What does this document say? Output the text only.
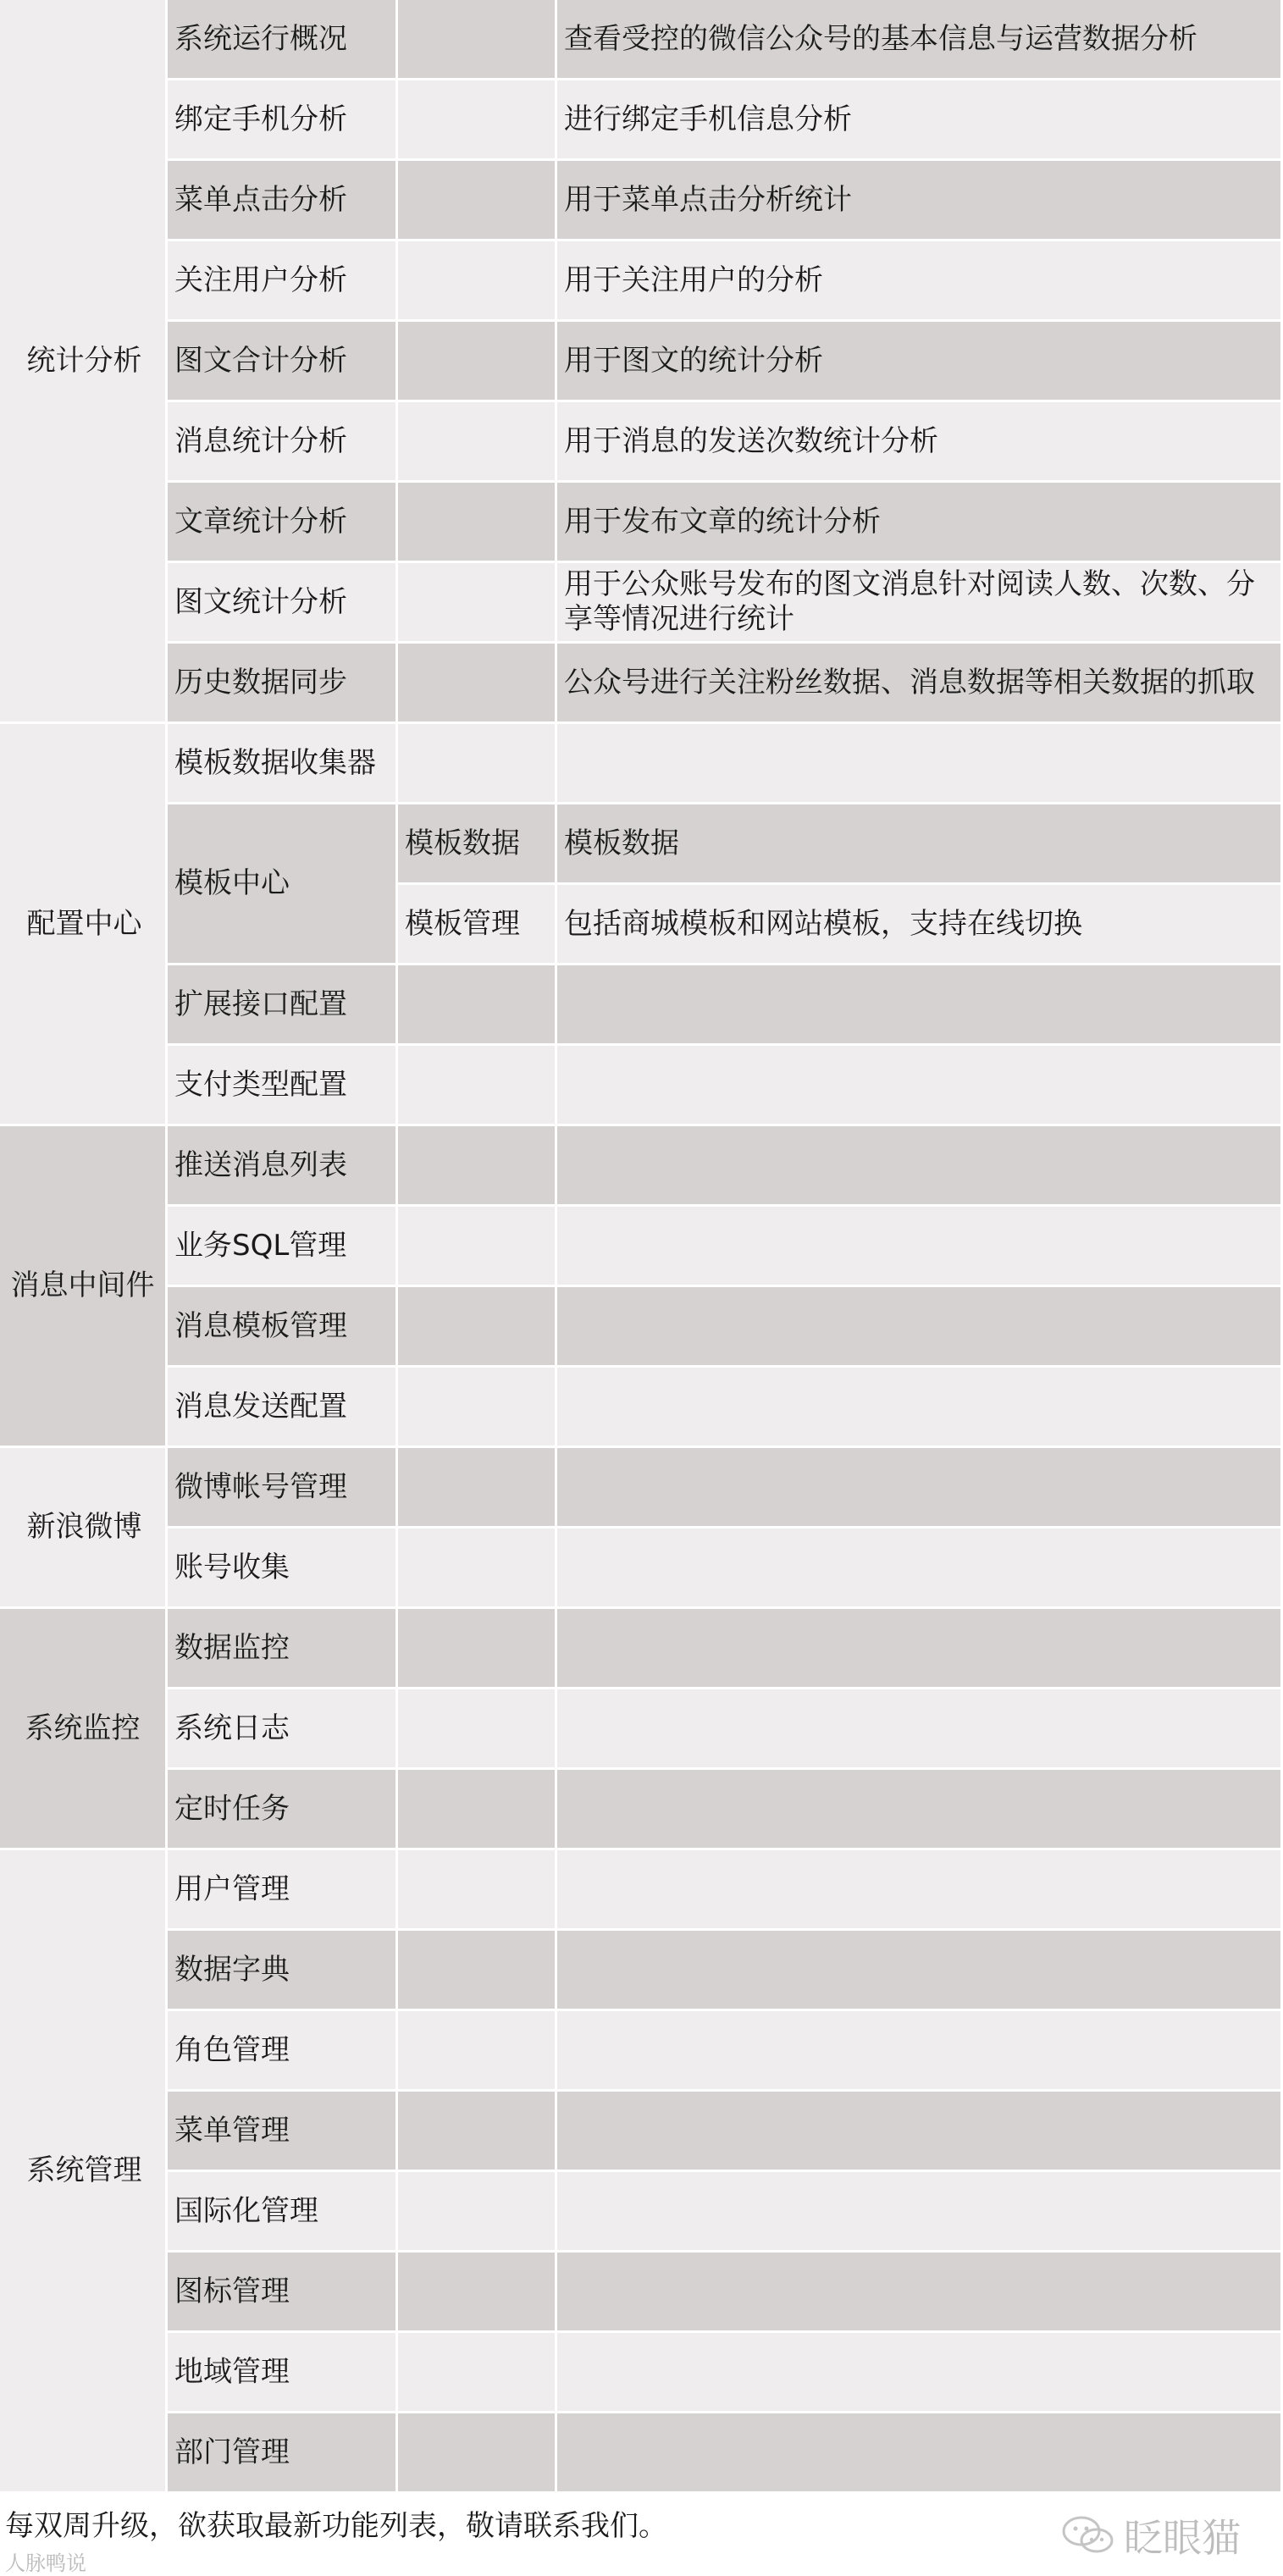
统计分析	系统运行概况		查看受控的微信公众号的基本信息与运营数据分析
	绑定手机分析		进行绑定手机信息分析
	菜单点击分析		用于菜单点击分析统计
	关注用户分析		用于关注用户的分析
	图文合计分析		用于图文的统计分析
	消息统计分析		用于消息的发送次数统计分析
	文章统计分析		用于发布文章的统计分析
	图文统计分析		用于公众账号发布的图文消息针对阅读人数、次数、分享等情况进行统计
	历史数据同步		公众号进行关注粉丝数据、消息数据等相关数据的抓取
配置中心	模板数据收集器		
	模板中心	模板数据	模板数据
		模板管理	包括商城模板和网站模板，支持在线切换
	扩展接口配置		
	支付类型配置		
消息中间件	推送消息列表		
	业务SQL管理		
	消息模板管理		
	消息发送配置		
新浪微博	微博帐号管理		
	账号收集		
系统监控	数据监控		
	系统日志		
	定时任务		
系统管理	用户管理		
	数据字典		
	角色管理		
	菜单管理		
	国际化管理		
	图标管理		
	地域管理		
	部门管理		
每双周升级，欲获取最新功能列表，敬请联系我们。
人脉鸭说
眨眼猫
